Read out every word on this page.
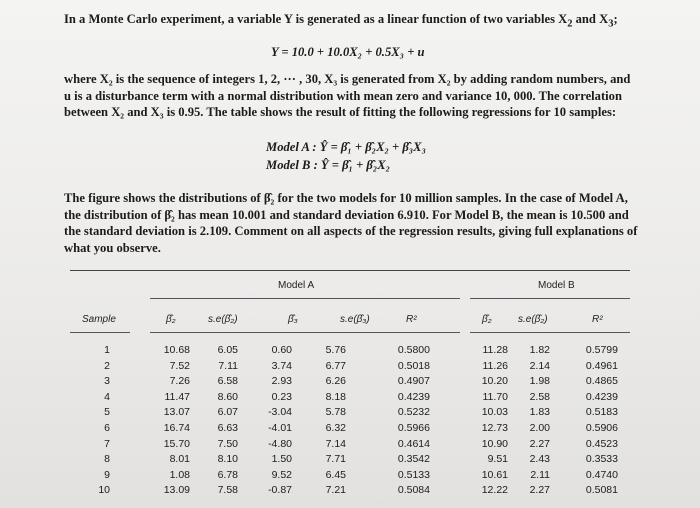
In a Monte Carlo experiment, a variable Y is generated as a linear function of two variables $X_2$ and $X_3$;
Y = 10.0 + 10.0X₂ + 0.5X₃ + u
where X₂ is the sequence of integers 1, 2, ··· , 30, X₃ is generated from X₂ by adding random numbers, and
u is a disturbance term with a normal distribution with mean zero and variance 10, 000. The correlation
between X₂ and X₃ is 0.95. The table shows the result of fitting the following regressions for 10 samples:
Model A : Ŷ = β̂₁ + β̂₂X₂ + β̂₃X₃
Model B : Ŷ = β̂₁ + β̂₂X₂
The figure shows the distributions of β̂₂ for the two models for 10 million samples. In the case of Model A,
the distribution of β̂₂ has mean 10.001 and standard deviation 6.910. For Model B, the mean is 10.500 and
the standard deviation is 2.109. Comment on all aspects of the regression results, giving full explanations of
what you observe.
Model A	Model B
Sample	β̂₂	s.e(β̂₂)	β̂₃	s.e(β̂₃)	R²	β̂₂	s.e(β̂₂)	R²
1	10.68	6.05	0.60	5.76	0.5800	11.28 1.82	0.5799
2	7.52	7.11	3.74	6.77	0.5018	11.26 2.14	0.4961
3	7.26	6.58	2.93	6.26	0.4907	10.20 1.98	0.4865
4	11.47	8.60	0.23	8.18	0.4239	11.70 2.58	0.4239
5	13.07	6.07	-3.04	5.78	0.5232	10.03 1.83	0.5183
6	16.74	6.63	-4.01	6.32	0.5966	12.73 2.00	0.5906
7	15.70	7.50	-4.80	7.14	0.4614	10.90 2.27	0.4523
8	8.01	8.10	1.50	7.71	0.3542	9.51 2.43	0.3533
9	1.08	6.78	9.52	6.45	0.5133	10.61 2.11	0.4740
10	13.09	7.58	-0.87	7.21	0.5084	12.22 2.27	0.5081
